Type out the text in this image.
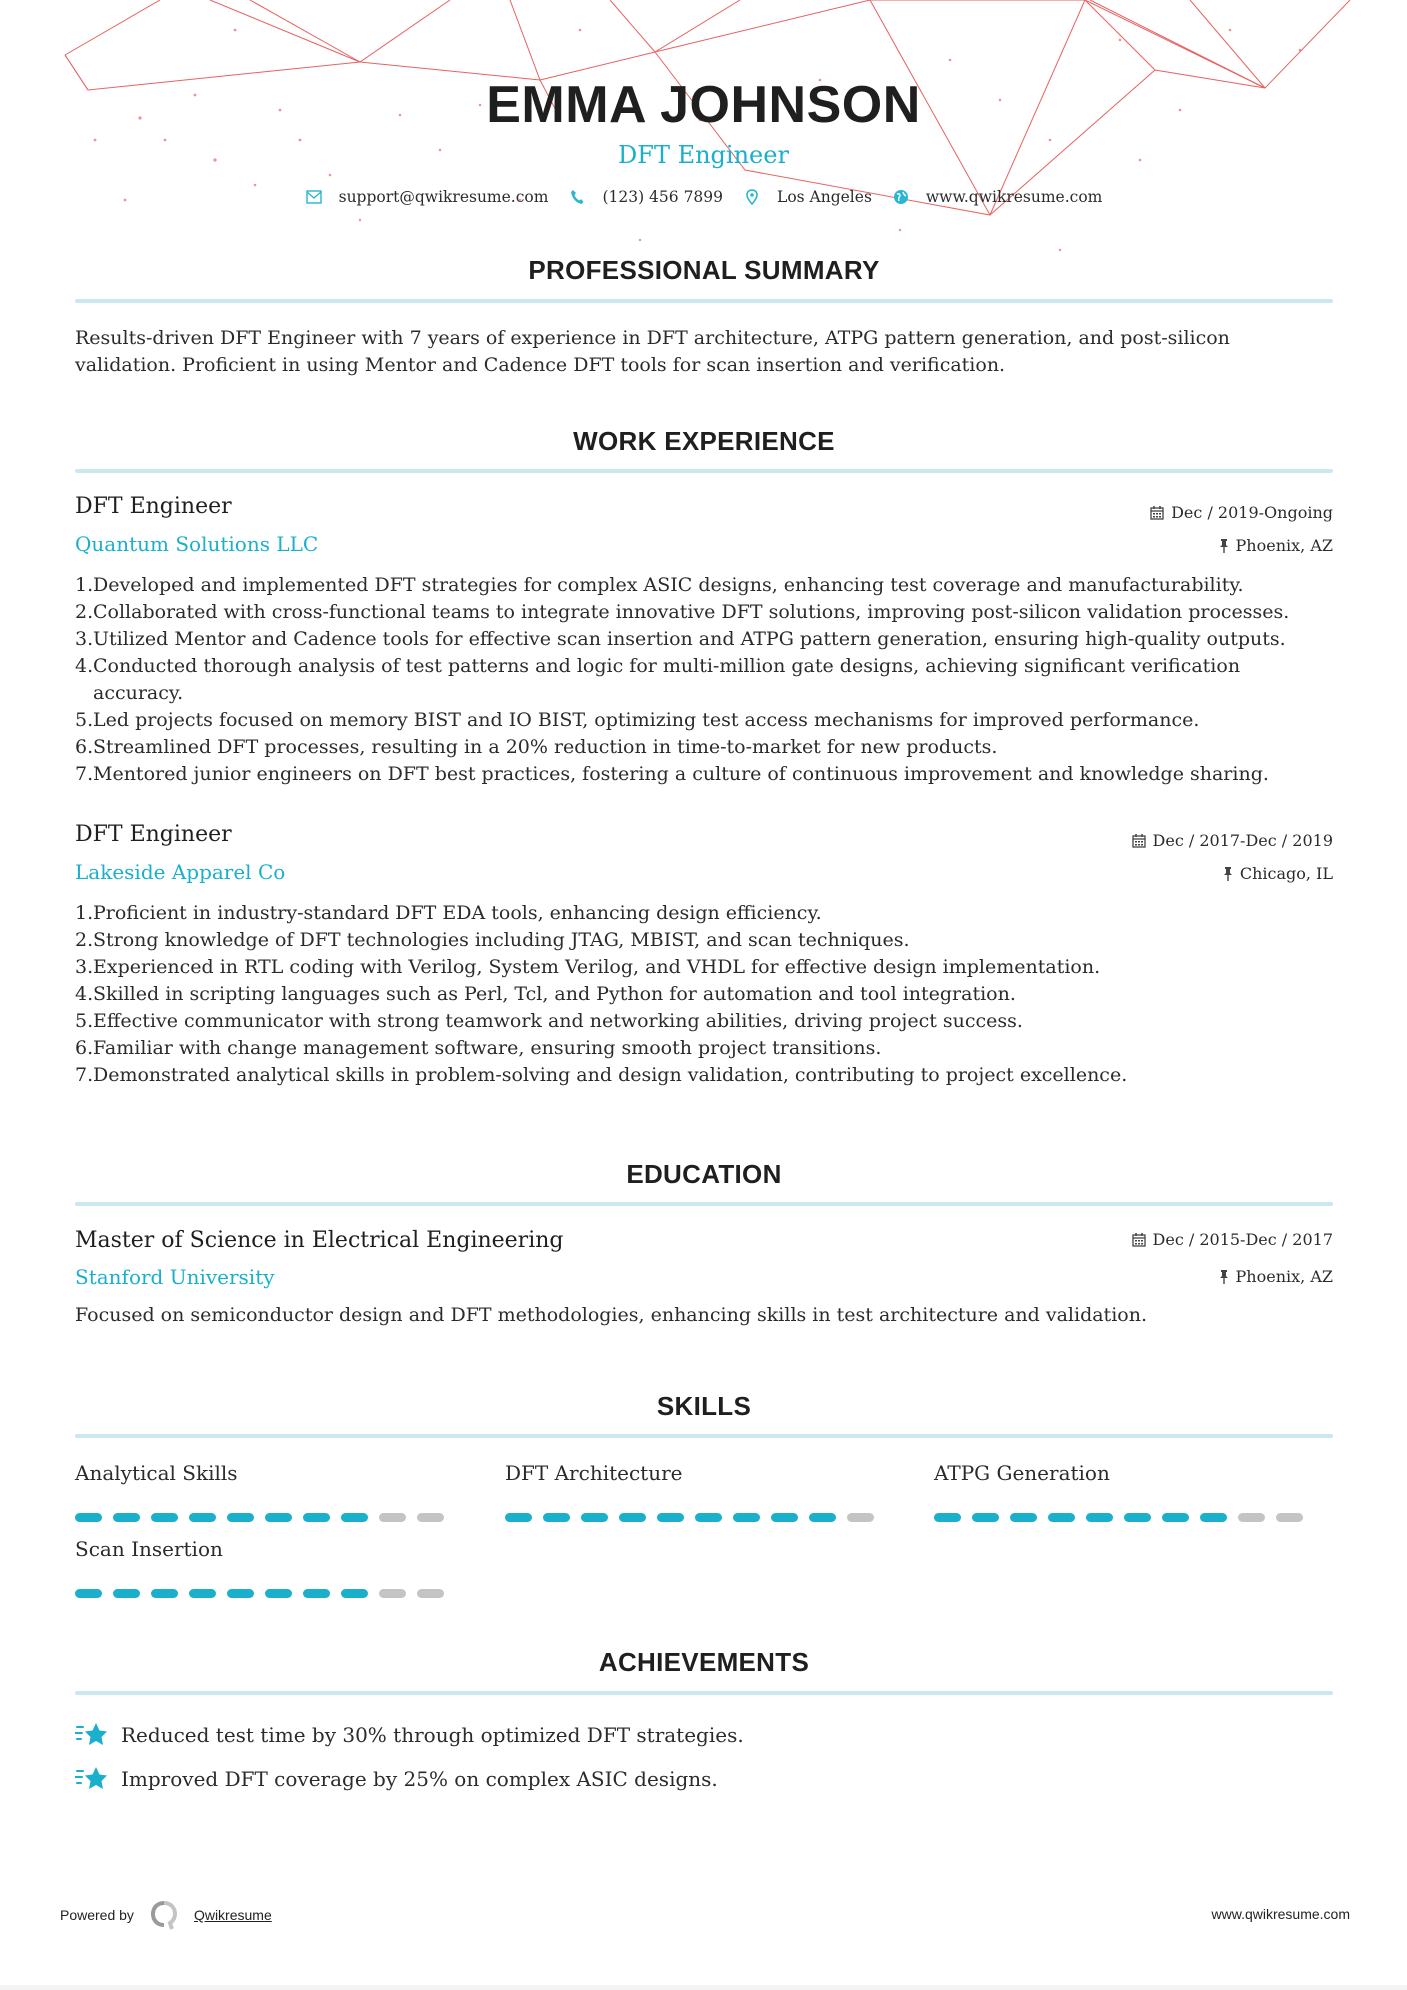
EMMA JOHNSON
DFT Engineer
support@qwikresume.com	(123) 456 7899	Los Angeles	www.qwikresume.com
PROFESSIONAL SUMMARY
Results-driven DFT Engineer with 7 years of experience in DFT architecture, ATPG pattern generation, and post-silicon validation. Proficient in using Mentor and Cadence DFT tools for scan insertion and verification.
WORK EXPERIENCE
DFT Engineer	Dec / 2019-Ongoing
Quantum Solutions LLC	Phoenix, AZ
1. Developed and implemented DFT strategies for complex ASIC designs, enhancing test coverage and manufacturability.
2. Collaborated with cross-functional teams to integrate innovative DFT solutions, improving post-silicon validation processes.
3. Utilized Mentor and Cadence tools for effective scan insertion and ATPG pattern generation, ensuring high-quality outputs.
4. Conducted thorough analysis of test patterns and logic for multi-million gate designs, achieving significant verification accuracy.
5. Led projects focused on memory BIST and IO BIST, optimizing test access mechanisms for improved performance.
6. Streamlined DFT processes, resulting in a 20% reduction in time-to-market for new products.
7. Mentored junior engineers on DFT best practices, fostering a culture of continuous improvement and knowledge sharing.
DFT Engineer	Dec / 2017-Dec / 2019
Lakeside Apparel Co	Chicago, IL
1. Proficient in industry-standard DFT EDA tools, enhancing design efficiency.
2. Strong knowledge of DFT technologies including JTAG, MBIST, and scan techniques.
3. Experienced in RTL coding with Verilog, System Verilog, and VHDL for effective design implementation.
4. Skilled in scripting languages such as Perl, Tcl, and Python for automation and tool integration.
5. Effective communicator with strong teamwork and networking abilities, driving project success.
6. Familiar with change management software, ensuring smooth project transitions.
7. Demonstrated analytical skills in problem-solving and design validation, contributing to project excellence.
EDUCATION
Master of Science in Electrical Engineering	Dec / 2015-Dec / 2017
Stanford University	Phoenix, AZ
Focused on semiconductor design and DFT methodologies, enhancing skills in test architecture and validation.
SKILLS
Analytical Skills	DFT Architecture	ATPG Generation
Scan Insertion
ACHIEVEMENTS
Reduced test time by 30% through optimized DFT strategies.
Improved DFT coverage by 25% on complex ASIC designs.
Powered by	Qwikresume	www.qwikresume.com
